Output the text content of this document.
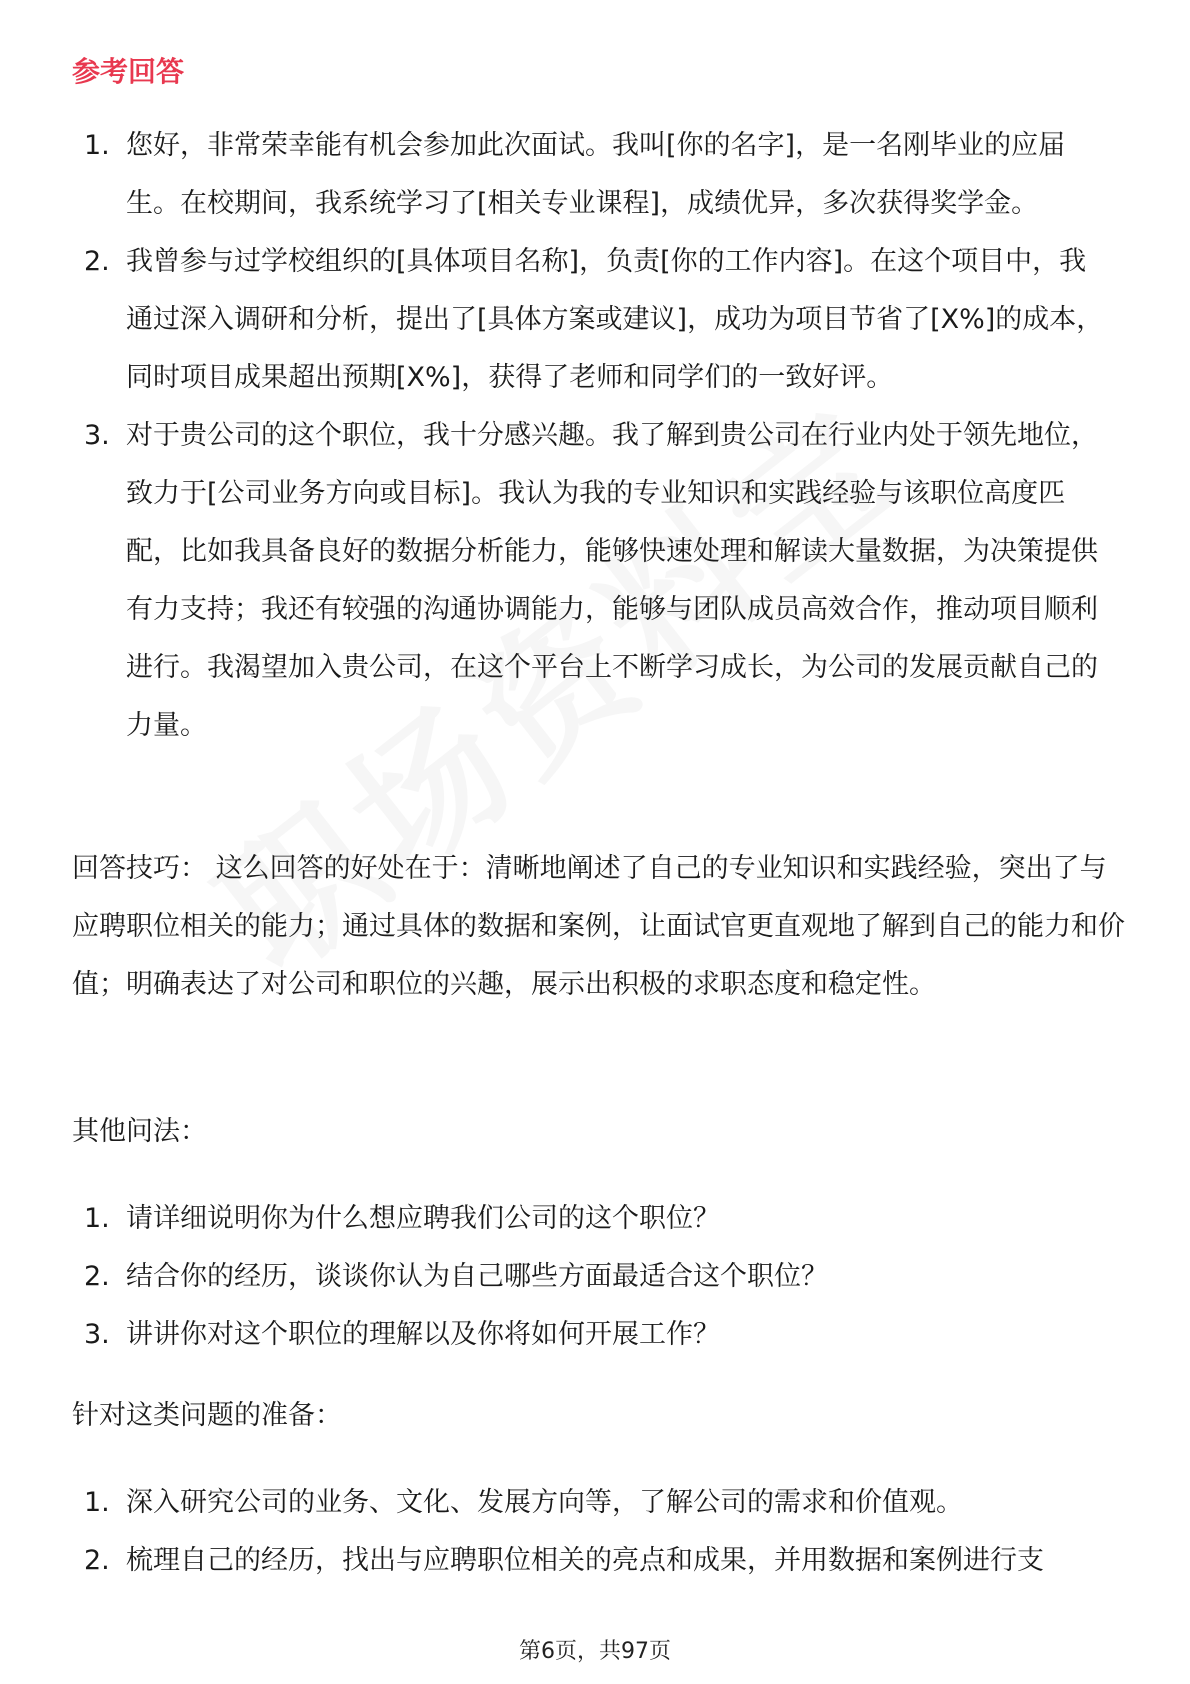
参考回答
1. 您好，非常荣幸能有机会参加此次面试。我叫[你的名字]，是一名刚毕业的应届生。在校期间，我系统学习了[相关专业课程]，成绩优异，多次获得奖学金。
2. 我曾参与过学校组织的[具体项目名称]，负责[你的工作内容]。在这个项目中，我通过深入调研和分析，提出了[具体方案或建议]，成功为项目节省了[X%]的成本，同时项目成果超出预期[X%]，获得了老师和同学们的一致好评。
3. 对于贵公司的这个职位，我十分感兴趣。我了解到贵公司在行业内处于领先地位，致力于[公司业务方向或目标]。我认为我的专业知识和实践经验与该职位高度匹配，比如我具备良好的数据分析能力，能够快速处理和解读大量数据，为决策提供有力支持；我还有较强的沟通协调能力，能够与团队成员高效合作，推动项目顺利进行。我渴望加入贵公司，在这个平台上不断学习成长，为公司的发展贡献自己的力量。

回答技巧： 这么回答的好处在于：清晰地阐述了自己的专业知识和实践经验，突出了与应聘职位相关的能力；通过具体的数据和案例，让面试官更直观地了解到自己的能力和价值；明确表达了对公司和职位的兴趣，展示出积极的求职态度和稳定性。

其他问法：

1. 请详细说明你为什么想应聘我们公司的这个职位？
2. 结合你的经历，谈谈你认为自己哪些方面最适合这个职位？
3. 讲讲你对这个职位的理解以及你将如何开展工作？

针对这类问题的准备：

1. 深入研究公司的业务、文化、发展方向等，了解公司的需求和价值观。
2. 梳理自己的经历，找出与应聘职位相关的亮点和成果，并用数据和案例进行支
第6页，共97页
